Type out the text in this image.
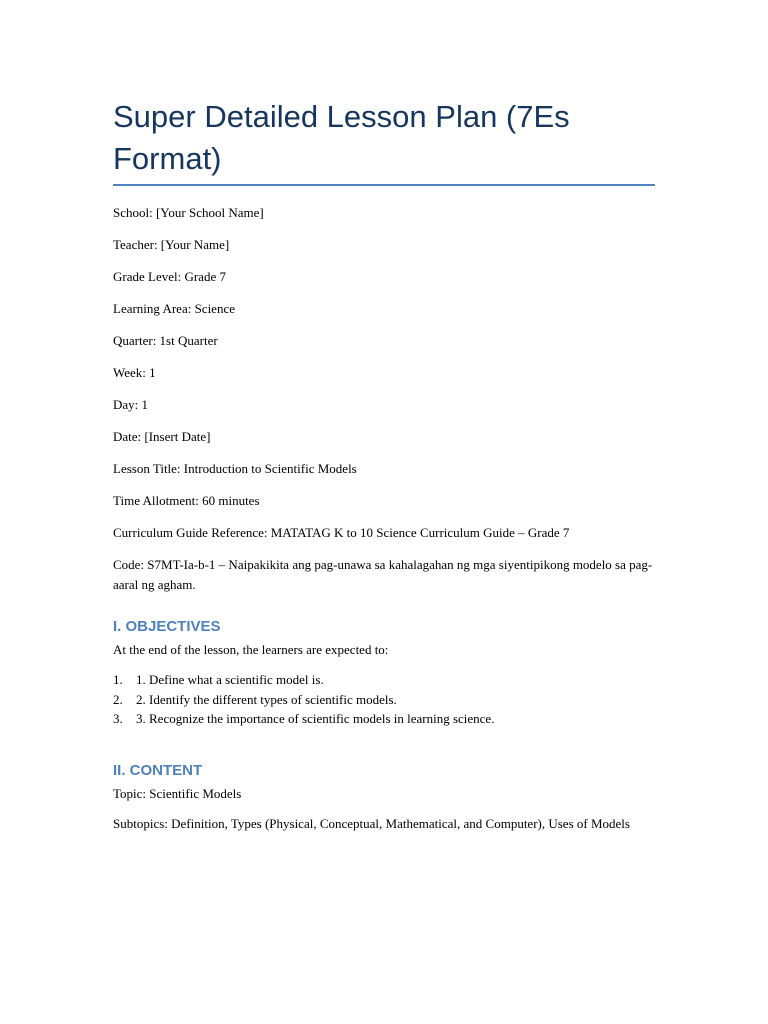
Super Detailed Lesson Plan (7Es Format)

School: [Your School Name]

Teacher: [Your Name]

Grade Level: Grade 7

Learning Area: Science

Quarter: 1st Quarter

Week: 1

Day: 1

Date: [Insert Date]

Lesson Title: Introduction to Scientific Models

Time Allotment: 60 minutes

Curriculum Guide Reference: MATATAG K to 10 Science Curriculum Guide – Grade 7

Code: S7MT-Ia-b-1 – Naipakikita ang pag-unawa sa kahalagahan ng mga siyentipikong modelo sa pag-aaral ng agham.

I. OBJECTIVES

At the end of the lesson, the learners are expected to:

1.	1. Define what a scientific model is.
2.	2. Identify the different types of scientific models.
3.	3. Recognize the importance of scientific models in learning science.
II. CONTENT

Topic: Scientific Models

Subtopics: Definition, Types (Physical, Conceptual, Mathematical, and Computer), Uses of Models
